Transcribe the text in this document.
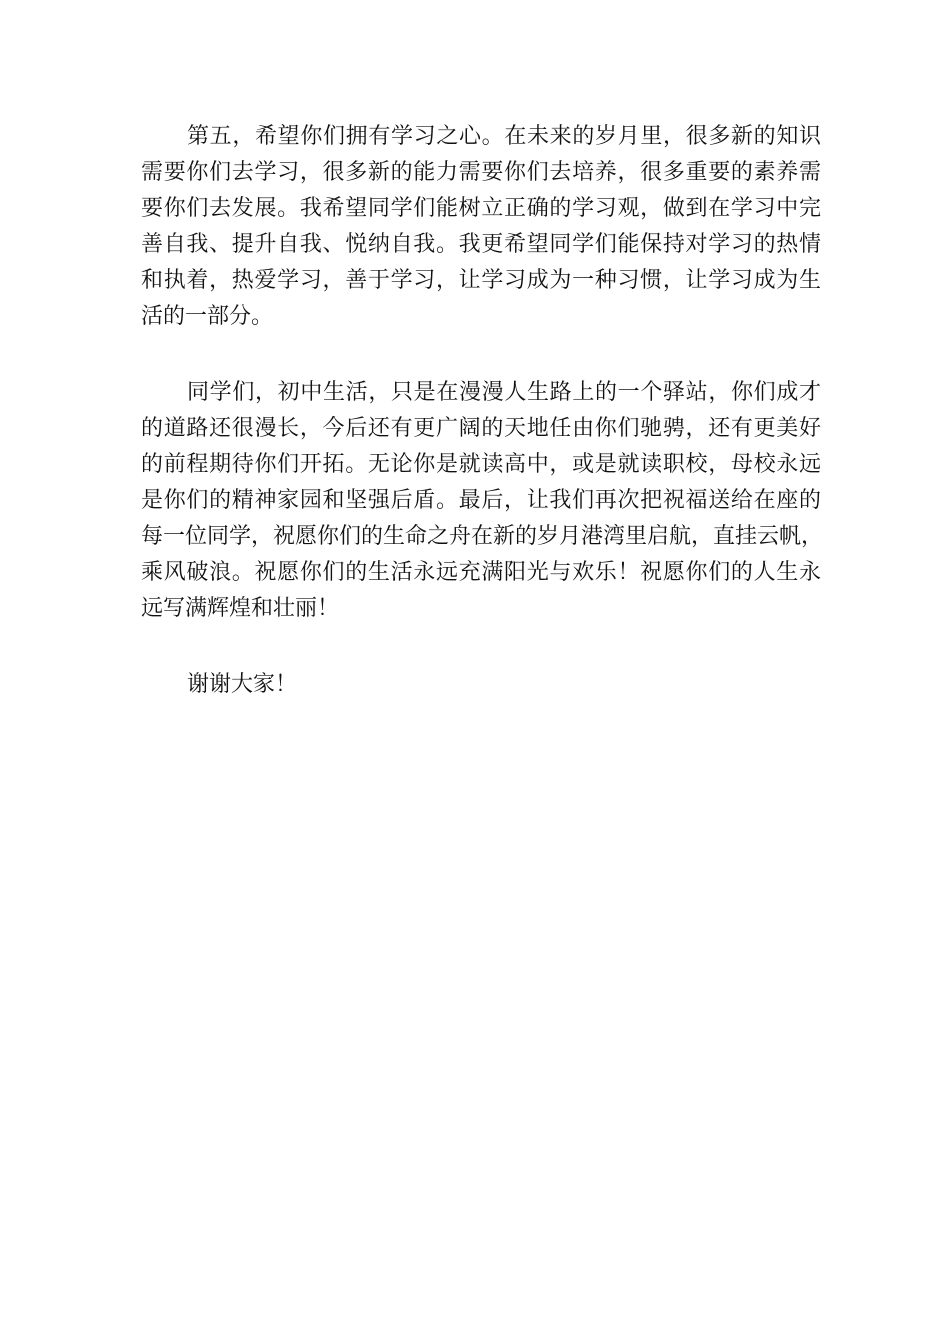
第五，希望你们拥有学习之心。在未来的岁月里，很多新的知识

需要你们去学习，很多新的能力需要你们去培养，很多重要的素养需

要你们去发展。我希望同学们能树立正确的学习观，做到在学习中完

善自我、提升自我、悦纳自我。我更希望同学们能保持对学习的热情

和执着，热爱学习，善于学习，让学习成为一种习惯，让学习成为生

活的一部分。

同学们，初中生活，只是在漫漫人生路上的一个驿站，你们成才

的道路还很漫长，今后还有更广阔的天地任由你们驰骋，还有更美好

的前程期待你们开拓。无论你是就读高中，或是就读职校，母校永远

是你们的精神家园和坚强后盾。最后，让我们再次把祝福送给在座的

每一位同学，祝愿你们的生命之舟在新的岁月港湾里启航，直挂云帆，

乘风破浪。祝愿你们的生活永远充满阳光与欢乐！祝愿你们的人生永

远写满辉煌和壮丽！

谢谢大家！
